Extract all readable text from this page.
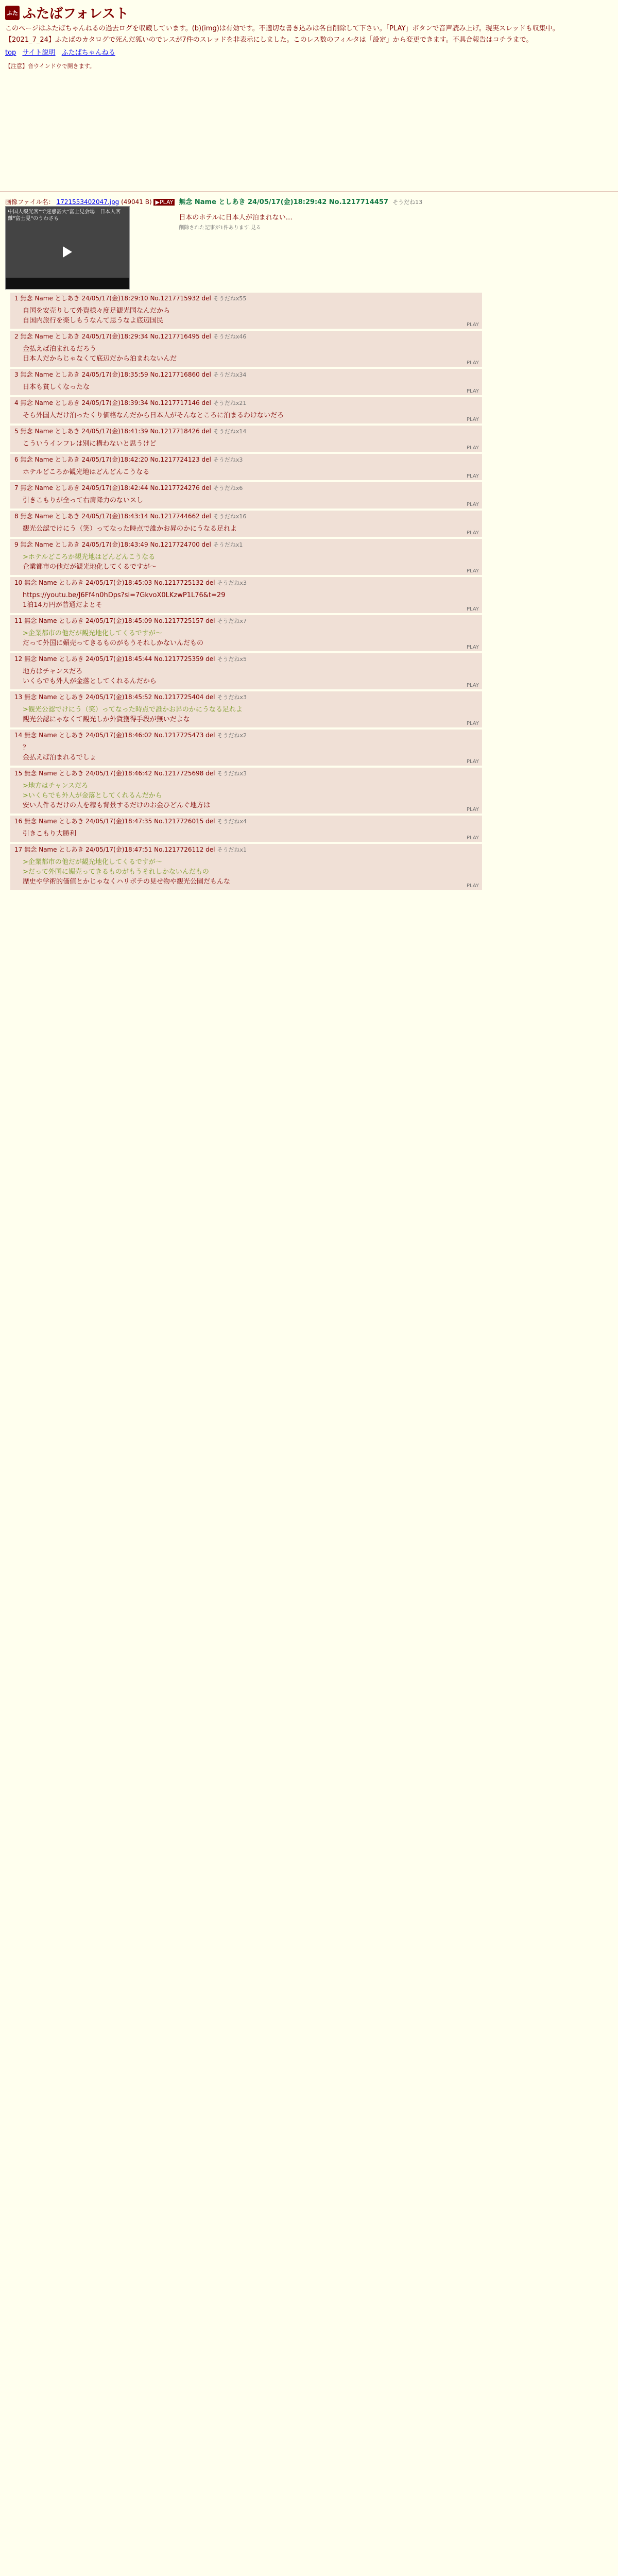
ふた ふたばフォレスト

このページはふたばちゃんねるの過去ログを収蔵しています。(b)(img)は有効です。不適切な書き込みは各自削除して下さい。「PLAY」ボタンで音声読み上げ。現実スレッドも収集中。

【2021_7_24】ふたばのカタログで死んだ狐いのでレスが7件のスレッドを非表示にしました。このレス数のフィルタは「設定」から変更できます。不具合報告はコチラまで。

top サイト説明 ふたばちゃんねる
【注意】音ウインドウで開きます。
画像ファイル名： 1721553402047.jpg (49041 B) ▶PLAY
中国人観光客"で迷惑甚大"富士見会場　日本人客離"富士見"のうわさも
無念 Name としあき 24/05/17(金)18:29:42 No.1217714457 そうだね13
日本のホテルに日本人が泊まれない…
削除された記事が1件あります.見る
1 無念 Name としあき 24/05/17(金)18:29:10 No.1217715932 del そうだねx55
自国を安売りして外資様々度足観光国なんだから
自国内旅行を楽しもうなんて思うなよ底辺国民
PLAY
2 無念 Name としあき 24/05/17(金)18:29:34 No.1217716495 del そうだねx46
金払えば泊まれるだろう
日本人だからじゃなくて底辺だから泊まれないんだ
PLAY
3 無念 Name としあき 24/05/17(金)18:35:59 No.1217716860 del そうだねx34
日本も貧しくなったな
PLAY
4 無念 Name としあき 24/05/17(金)18:39:34 No.1217717146 del そうだねx21
そら外国人だけ泊ったくり価格なんだから日本人がそんなところに泊まるわけないだろ
PLAY
5 無念 Name としあき 24/05/17(金)18:41:39 No.1217718426 del そうだねx14
こういうインフレは別に構わないと思うけど
PLAY
6 無念 Name としあき 24/05/17(金)18:42:20 No.1217724123 del そうだねx3
ホテルどころか観光地はどんどんこうなる
PLAY
7 無念 Name としあき 24/05/17(金)18:42:44 No.1217724276 del そうだねx6
引きこもりが全って右肩降力のないスし
PLAY
8 無念 Name としあき 24/05/17(金)18:43:14 No.1217744662 del そうだねx16
観光公認でけにう（笑）ってなった時点で誰かお昇のかにうなる足れよ
PLAY
9 無念 Name としあき 24/05/17(金)18:43:49 No.1217724700 del そうだねx1
>ホテルどころか観光地はどんどんこうなる
企業都市の他だが観光地化してくるですが〜
PLAY
10 無念 Name としあき 24/05/17(金)18:45:03 No.1217725132 del そうだねx3
https://youtu.be/J6Ff4n0hDps?si=7GkvoX0LKzwP1L76&t=29
1泊14万円が普通だよとそ
PLAY
11 無念 Name としあき 24/05/17(金)18:45:09 No.1217725157 del そうだねx7
>企業都市の他だが観光地化してくるですが〜
だって外国に媚売ってきるものがもうそれしかないんだもの
PLAY
12 無念 Name としあき 24/05/17(金)18:45:44 No.1217725359 del そうだねx5
地方はチャンスだろ
いくらでも外人が金落としてくれるんだから
PLAY
13 無念 Name としあき 24/05/17(金)18:45:52 No.1217725404 del そうだねx3
>観光公認でけにう（笑）ってなった時点で誰かお昇のかにうなる足れよ
観光公認にゃなくて観光しか外貨獲得手段が無いだよな
PLAY
14 無念 Name としあき 24/05/17(金)18:46:02 No.1217725473 del そうだねx2
？
金払えば泊まれるでしょ
PLAY
15 無念 Name としあき 24/05/17(金)18:46:42 No.1217725698 del そうだねx3
>地方はチャンスだろ
>いくらでも外人が金落としてくれるんだから
安い人件るだけの人を稼も背景するだけのお金ひどんぐ地方は
PLAY
16 無念 Name としあき 24/05/17(金)18:47:35 No.1217726015 del そうだねx4
引きこもり大勝利
PLAY
17 無念 Name としあき 24/05/17(金)18:47:51 No.1217726112 del そうだねx1
>企業都市の他だが観光地化してくるですが〜
>だって外国に媚売ってきるものがもうそれしかないんだもの
歴史や学術的価値とかじゃなくハリボテの見せ物や観光公園だもんな
PLAY
